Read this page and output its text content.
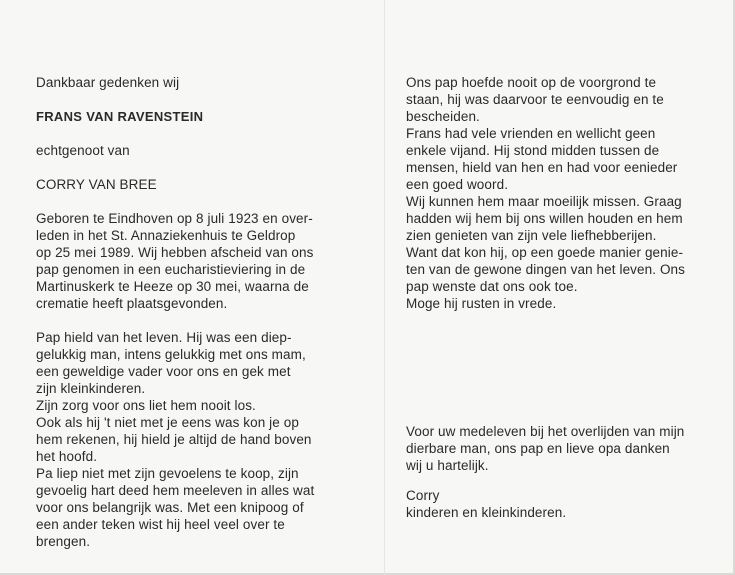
Dankbaar gedenken wij
FRANS VAN RAVENSTEIN
echtgenoot van
CORRY VAN BREE
Geboren te Eindhoven op 8 juli 1923 en over-
leden in het St. Annaziekenhuis te Geldrop
op 25 mei 1989. Wij hebben afscheid van ons
pap genomen in een eucharistieviering in de
Martinuskerk te Heeze op 30 mei, waarna de
crematie heeft plaatsgevonden.
Pap hield van het leven. Hij was een diep-
gelukkig man, intens gelukkig met ons mam,
een geweldige vader voor ons en gek met
zijn kleinkinderen.
Zijn zorg voor ons liet hem nooit los.
Ook als hij 't niet met je eens was kon je op
hem rekenen, hij hield je altijd de hand boven
het hoofd.
Pa liep niet met zijn gevoelens te koop, zijn
gevoelig hart deed hem meeleven in alles wat
voor ons belangrijk was. Met een knipoog of
een ander teken wist hij heel veel over te
brengen.
Ons pap hoefde nooit op de voorgrond te
staan, hij was daarvoor te eenvoudig en te
bescheiden.
Frans had vele vrienden en wellicht geen
enkele vijand. Hij stond midden tussen de
mensen, hield van hen en had voor eenieder
een goed woord.
Wij kunnen hem maar moeilijk missen. Graag
hadden wij hem bij ons willen houden en hem
zien genieten van zijn vele liefhebberijen.
Want dat kon hij, op een goede manier genie-
ten van de gewone dingen van het leven. Ons
pap wenste dat ons ook toe.
Moge hij rusten in vrede.
Voor uw medeleven bij het overlijden van mijn
dierbare man, ons pap en lieve opa danken
wij u hartelijk.
Corry
kinderen en kleinkinderen.
